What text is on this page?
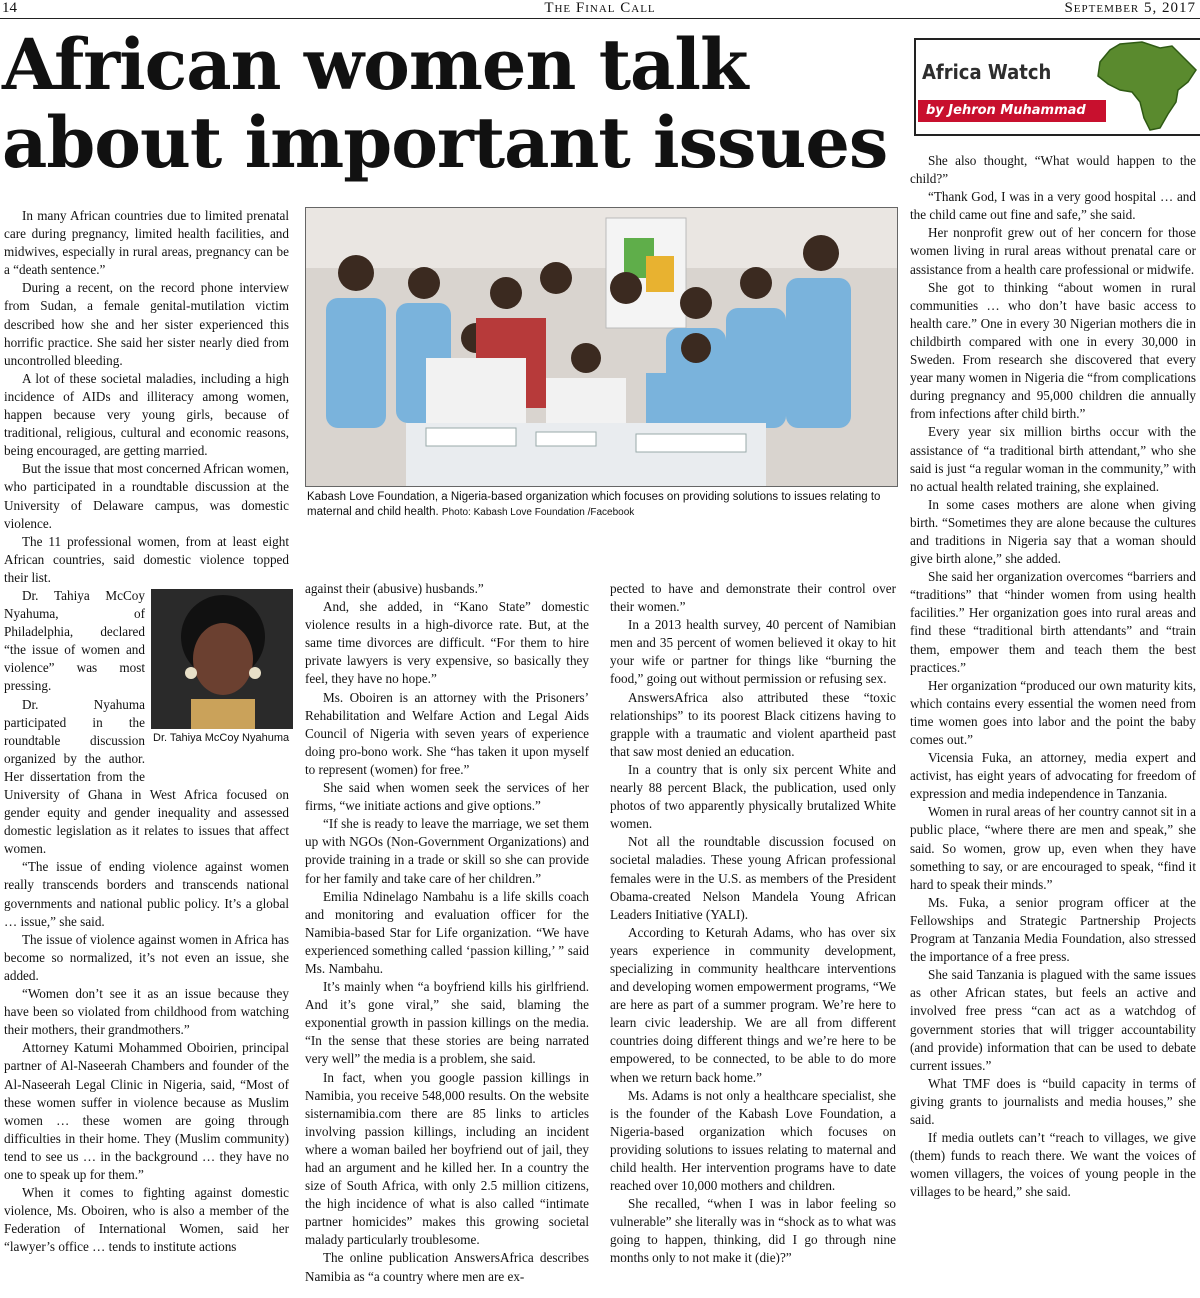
14	The Final Call	September 5, 2017
African women talk about important issues
Africa Watch
by Jehron Muhammad
Kabash Love Foundation, a Nigeria-based organization which focuses on providing solutions to issues relating to maternal and child health. Photo: Kabash Love Foundation /Facebook

In many African countries due to limited prenatal care during pregnancy, limited health facilities, and midwives, especially in rural areas, pregnancy can be a “death sentence.”

During a recent, on the record phone interview from Sudan, a female genital-mutilation victim described how she and her sister experienced this horrific practice. She said her sister nearly died from uncontrolled bleeding.

A lot of these societal maladies, including a high incidence of AIDs and illiteracy among women, happen because very young girls, because of traditional, religious, cultural and economic reasons, being encouraged, are getting married.

But the issue that most concerned African women, who participated in a roundtable discussion at the University of Delaware campus, was domestic violence.

The 11 professional women, from at least eight African countries, said domestic violence topped their list.

Dr. Tahiya McCoy Nyahuma

Dr. Tahiya McCoy Nyahuma, of Philadelphia, declared “the issue of women and violence” was most pressing.

Dr. Nyahuma participated in the roundtable discussion organized by the author. Her dissertation from the University of Ghana in West Africa focused on gender equity and gender inequality and assessed domestic legislation as it relates to issues that affect women.

“The issue of ending violence against women really transcends borders and transcends national governments and national public policy. It’s a global … issue,” she said.

The issue of violence against women in Africa has become so normalized, it’s not even an issue, she added.

“Women don’t see it as an issue because they have been so violated from childhood from watching their mothers, their grandmothers.”

Attorney Katumi Mohammed Oboirien, principal partner of Al-Naseerah Chambers and founder of the Al-Naseerah Legal Clinic in Nigeria, said, “Most of these women suffer in violence because as Muslim women … these women are going through difficulties in their home. They (Muslim community) tend to see us … in the background … they have no one to speak up for them.”

When it comes to fighting against domestic violence, Ms. Oboiren, who is also a member of the Federation of International Women, said her “lawyer’s office … tends to institute actions

against their (abusive) husbands.”

And, she added, in “Kano State” domestic violence results in a high-divorce rate. But, at the same time divorces are difficult. “For them to hire private lawyers is very expensive, so basically they feel, they have no hope.”

Ms. Oboiren is an attorney with the Prisoners’ Rehabilitation and Welfare Action and Legal Aids Council of Nigeria with seven years of experience doing pro-bono work. She “has taken it upon myself to represent (women) for free.”

She said when women seek the services of her firms, “we initiate actions and give options.”

“If she is ready to leave the marriage, we set them up with NGOs (Non-Government Organizations) and provide training in a trade or skill so she can provide for her family and take care of her children.”

Emilia Ndinelago Nambahu is a life skills coach and monitoring and evaluation officer for the Namibia-based Star for Life organization. “We have experienced something called ‘passion killing,’ ” said Ms. Nambahu.

It’s mainly when “a boyfriend kills his girlfriend. And it’s gone viral,” she said, blaming the exponential growth in passion killings on the media. “In the sense that these stories are being narrated very well” the media is a problem, she said.

In fact, when you google passion killings in Namibia, you receive 548,000 results. On the website sisternamibia.com there are 85 links to articles involving passion killings, including an incident where a woman bailed her boyfriend out of jail, they had an argument and he killed her. In a country the size of South Africa, with only 2.5 million citizens, the high incidence of what is also called “intimate partner homicides” makes this growing societal malady particularly troublesome.

The online publication AnswersAfrica describes Namibia as “a country where men are ex-

pected to have and demonstrate their control over their women.”

In a 2013 health survey, 40 percent of Namibian men and 35 percent of women believed it okay to hit your wife or partner for things like “burning the food,” going out without permission or refusing sex.

AnswersAfrica also attributed these “toxic relationships” to its poorest Black citizens having to grapple with a traumatic and violent apartheid past that saw most denied an education.

In a country that is only six percent White and nearly 88 percent Black, the publication, used only photos of two apparently physically brutalized White women.

Not all the roundtable discussion focused on societal maladies. These young African professional females were in the U.S. as members of the President Obama-created Nelson Mandela Young African Leaders Initiative (YALI).

According to Keturah Adams, who has over six years experience in community development, specializing in community healthcare interventions and developing women empowerment programs, “We are here as part of a summer program. We’re here to learn civic leadership. We are all from different countries doing different things and we’re here to be empowered, to be connected, to be able to do more when we return back home.”

Ms. Adams is not only a healthcare specialist, she is the founder of the Kabash Love Foundation, a Nigeria-based organization which focuses on providing solutions to issues relating to maternal and child health. Her intervention programs have to date reached over 10,000 mothers and children.

She recalled, “when I was in labor feeling so vulnerable” she literally was in “shock as to what was going to happen, thinking, did I go through nine months only to not make it (die)?”

She also thought, “What would happen to the child?”

“Thank God, I was in a very good hospital … and the child came out fine and safe,” she said.

Her nonprofit grew out of her concern for those women living in rural areas without prenatal care or assistance from a health care professional or midwife.

She got to thinking “about women in rural communities … who don’t have basic access to health care.” One in every 30 Nigerian mothers die in childbirth compared with one in every 30,000 in Sweden. From research she discovered that every year many women in Nigeria die “from complications during pregnancy and 95,000 children die annually from infections after child birth.”

Every year six million births occur with the assistance of “a traditional birth attendant,” who she said is just “a regular woman in the community,” with no actual health related training, she explained.

In some cases mothers are alone when giving birth. “Sometimes they are alone because the cultures and traditions in Nigeria say that a woman should give birth alone,” she added.

She said her organization overcomes “barriers and “traditions” that “hinder women from using health facilities.” Her organization goes into rural areas and find these “traditional birth attendants” and “train them, empower them and teach them the best practices.”

Her organization “produced our own maturity kits, which contains every essential the women need from time women goes into labor and the point the baby comes out.”

Vicensia Fuka, an attorney, media expert and activist, has eight years of advocating for freedom of expression and media independence in Tanzania.

Women in rural areas of her country cannot sit in a public place, “where there are men and speak,” she said. So women, grow up, even when they have something to say, or are encouraged to speak, “find it hard to speak their minds.”

Ms. Fuka, a senior program officer at the Fellowships and Strategic Partnership Projects Program at Tanzania Media Foundation, also stressed the importance of a free press.

She said Tanzania is plagued with the same issues as other African states, but feels an active and involved free press “can act as a watchdog of government stories that will trigger accountability (and provide) information that can be used to debate current issues.”

What TMF does is “build capacity in terms of giving grants to journalists and media houses,” she said.

If media outlets can’t “reach to villages, we give (them) funds to reach there. We want the voices of women villagers, the voices of young people in the villages to be heard,” she said.
